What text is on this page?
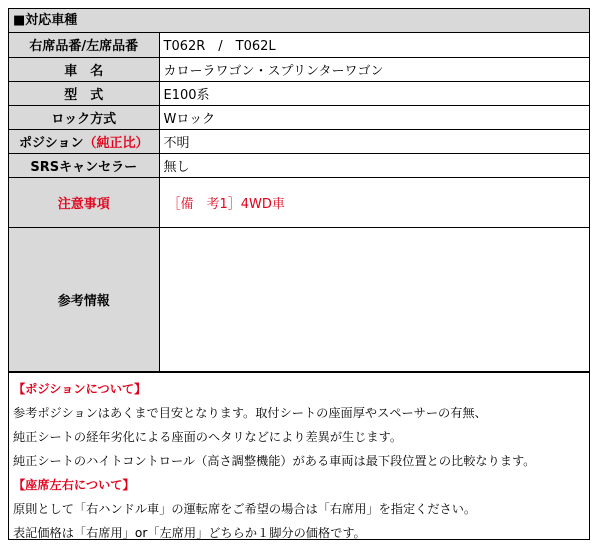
■対応車種
右席品番/左席品番	T062R　/　T062L
車　名	カローラワゴン・スプリンターワゴン
型　式	E100系
ロック方式	Wロック
ポジション（純正比）	不明
SRSキャンセラー	無し
注意事項	［備　考1］4WD車
参考情報	
【ポジションについて】
参考ポジションはあくまで目安となります。取付シートの座面厚やスペーサーの有無、
純正シートの経年劣化による座面のヘタリなどにより差異が生じます。
純正シートのハイトコントロール（高さ調整機能）がある車両は最下段位置との比較なります。
【座席左右について】
原則として「右ハンドル車」の運転席をご希望の場合は「右席用」を指定ください。
表記価格は「右席用」or「左席用」どちらか１脚分の価格です。
